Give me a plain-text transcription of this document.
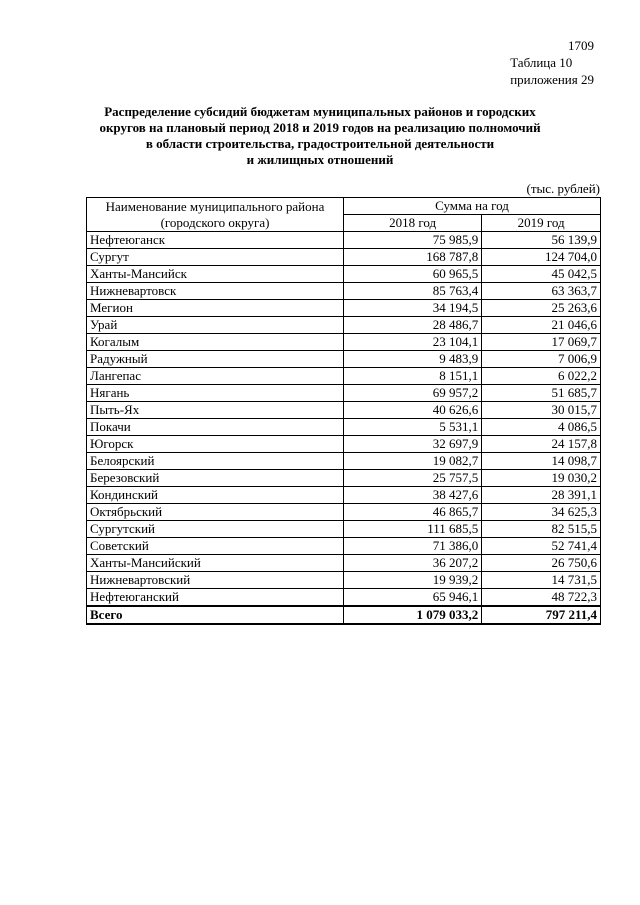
1709
Таблица 10
приложения 29
Распределение субсидий бюджетам муниципальных районов и городских
округов на плановый период 2018 и 2019 годов на реализацию полномочий
в области строительства, градостроительной деятельности
и жилищных отношений
(тыс. рублей)
Наименование муниципального района
(городского округа)	Сумма на год	
	2018 год	2019 год
Нефтеюганск	75 985,9	56 139,9
Сургут	168 787,8	124 704,0
Ханты-Мансийск	60 965,5	45 042,5
Нижневартовск	85 763,4	63 363,7
Мегион	34 194,5	25 263,6
Урай	28 486,7	21 046,6
Когалым	23 104,1	17 069,7
Радужный	9 483,9	7 006,9
Лангепас	8 151,1	6 022,2
Нягань	69 957,2	51 685,7
Пыть-Ях	40 626,6	30 015,7
Покачи	5 531,1	4 086,5
Югорск	32 697,9	24 157,8
Белоярский	19 082,7	14 098,7
Березовский	25 757,5	19 030,2
Кондинский	38 427,6	28 391,1
Октябрьский	46 865,7	34 625,3
Сургутский	111 685,5	82 515,5
Советский	71 386,0	52 741,4
Ханты-Мансийский	36 207,2	26 750,6
Нижневартовский	19 939,2	14 731,5
Нефтеюганский	65 946,1	48 722,3
Всего	1 079 033,2	797 211,4
